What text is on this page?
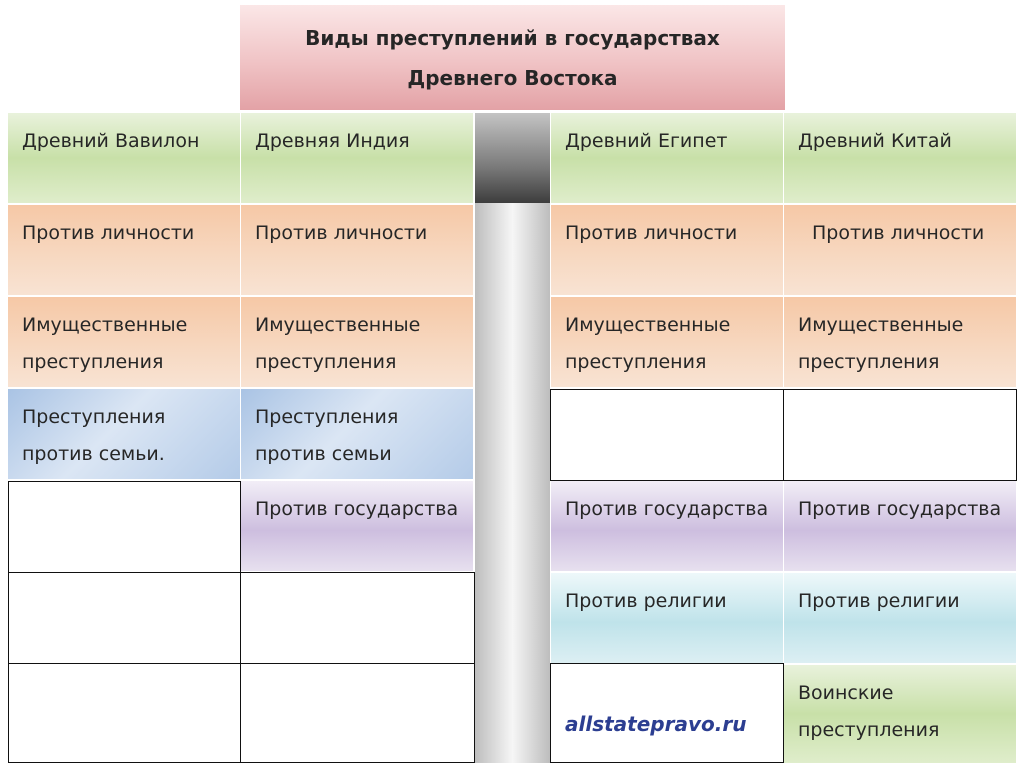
Виды преступлений в государствах Древнего Востока
Древний Вавилон
Против личности
Имущественные преступления
Преступления против семьи.
Древняя Индия
Против личности
Имущественные преступления
Преступления против семьи
Против государства
Древний Египет
Против личности
Имущественные преступления
Против государства
Против религии
Древний Китай
Против личности
Имущественные преступления
Против государства
Против религии
Воинские преступления
allstatepravo.ru
